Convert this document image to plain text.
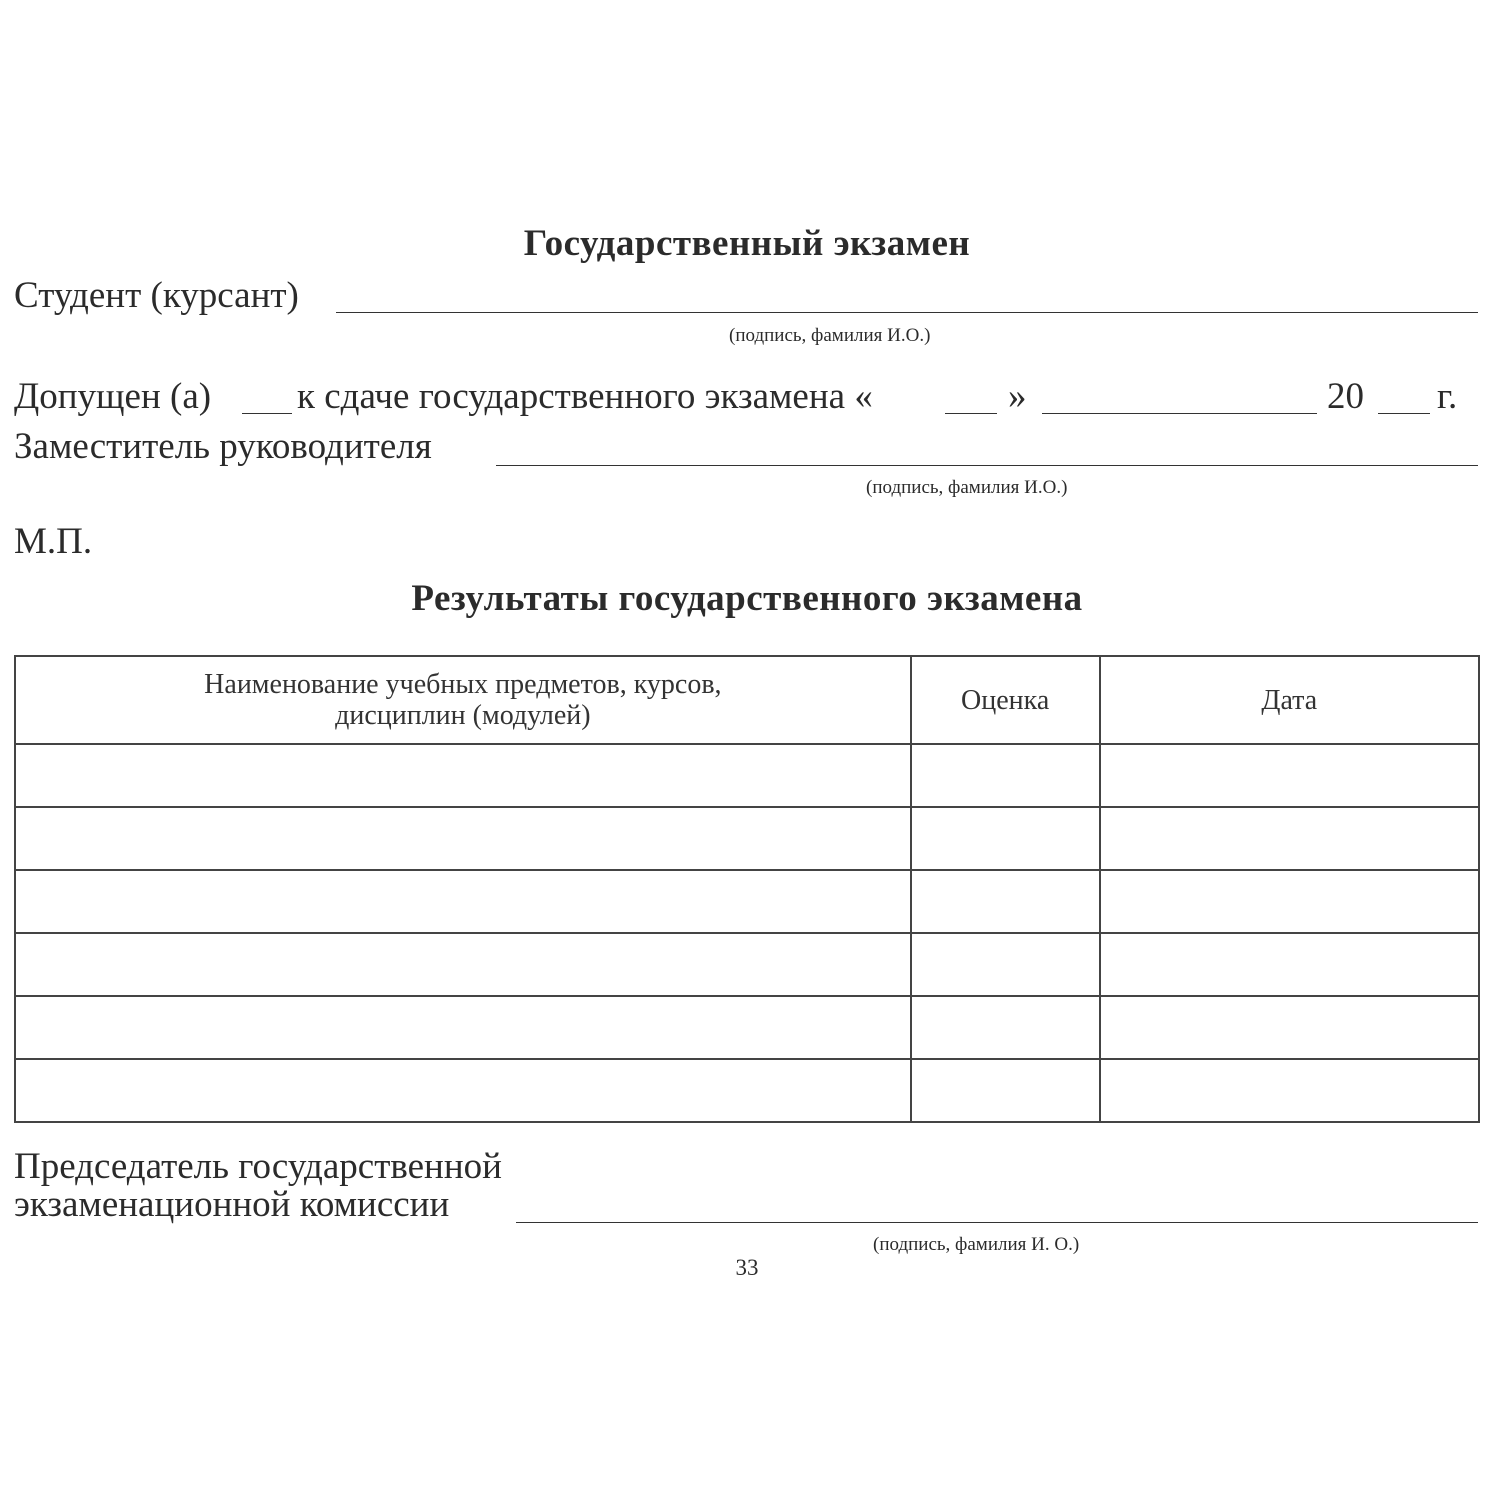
Государственный экзамен
Студент (курсант)
(подпись, фамилия И.О.)
Допущен (а) к сдаче государственного экзамена «	»	20 г.
Заместитель руководителя
(подпись, фамилия И.О.)
М.П.
Результаты государственного экзамена
Наименование учебных предметов, курсов, дисциплин (модулей)	Оценка	Дата

Председатель государственной
экзаменационной комиссии
(подпись, фамилия И. О.)
33
